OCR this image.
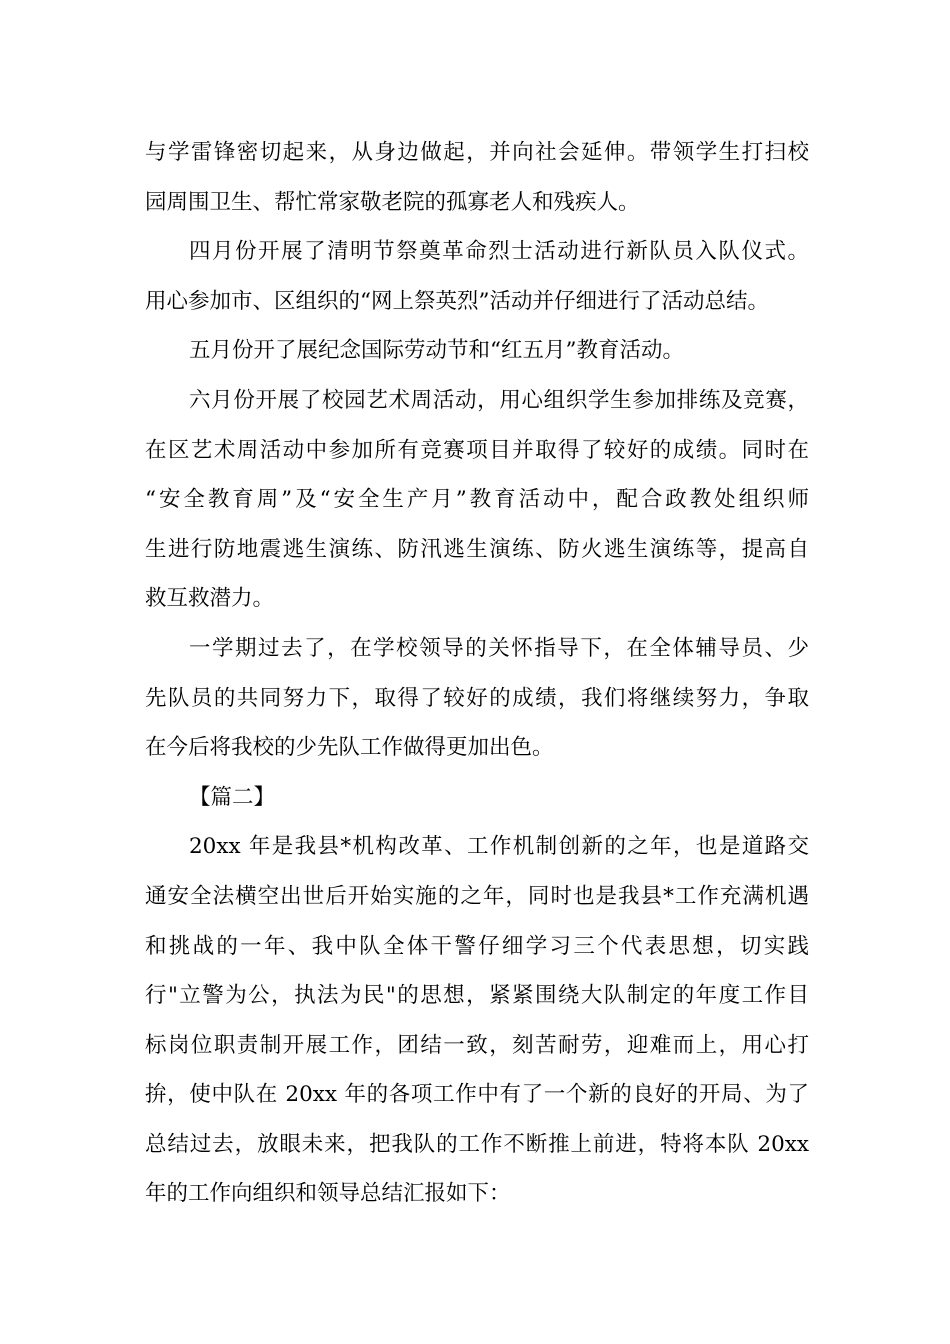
与学雷锋密切起来，从身边做起，并向社会延伸。带领学生打扫校
园周围卫生、帮忙常家敬老院的孤寡老人和残疾人。
四月份开展了清明节祭奠革命烈士活动进行新队员入队仪式。
用心参加市、区组织的“网上祭英烈”活动并仔细进行了活动总结。
五月份开了展纪念国际劳动节和“红五月”教育活动。
六月份开展了校园艺术周活动，用心组织学生参加排练及竞赛，
在区艺术周活动中参加所有竞赛项目并取得了较好的成绩。同时在
“安全教育周”及“安全生产月”教育活动中，配合政教处组织师
生进行防地震逃生演练、防汛逃生演练、防火逃生演练等，提高自
救互救潜力。
一学期过去了，在学校领导的关怀指导下，在全体辅导员、少
先队员的共同努力下，取得了较好的成绩，我们将继续努力，争取
在今后将我校的少先队工作做得更加出色。
【篇二】
20xx 年是我县*机构改革、工作机制创新的之年，也是道路交
通安全法横空出世后开始实施的之年，同时也是我县*工作充满机遇
和挑战的一年、我中队全体干警仔细学习三个代表思想，切实践
行"立警为公，执法为民"的思想，紧紧围绕大队制定的年度工作目
标岗位职责制开展工作，团结一致，刻苦耐劳，迎难而上，用心打
拚，使中队在 20xx 年的各项工作中有了一个新的良好的开局、为了
总结过去，放眼未来，把我队的工作不断推上前进，特将本队 20xx
年的工作向组织和领导总结汇报如下：
